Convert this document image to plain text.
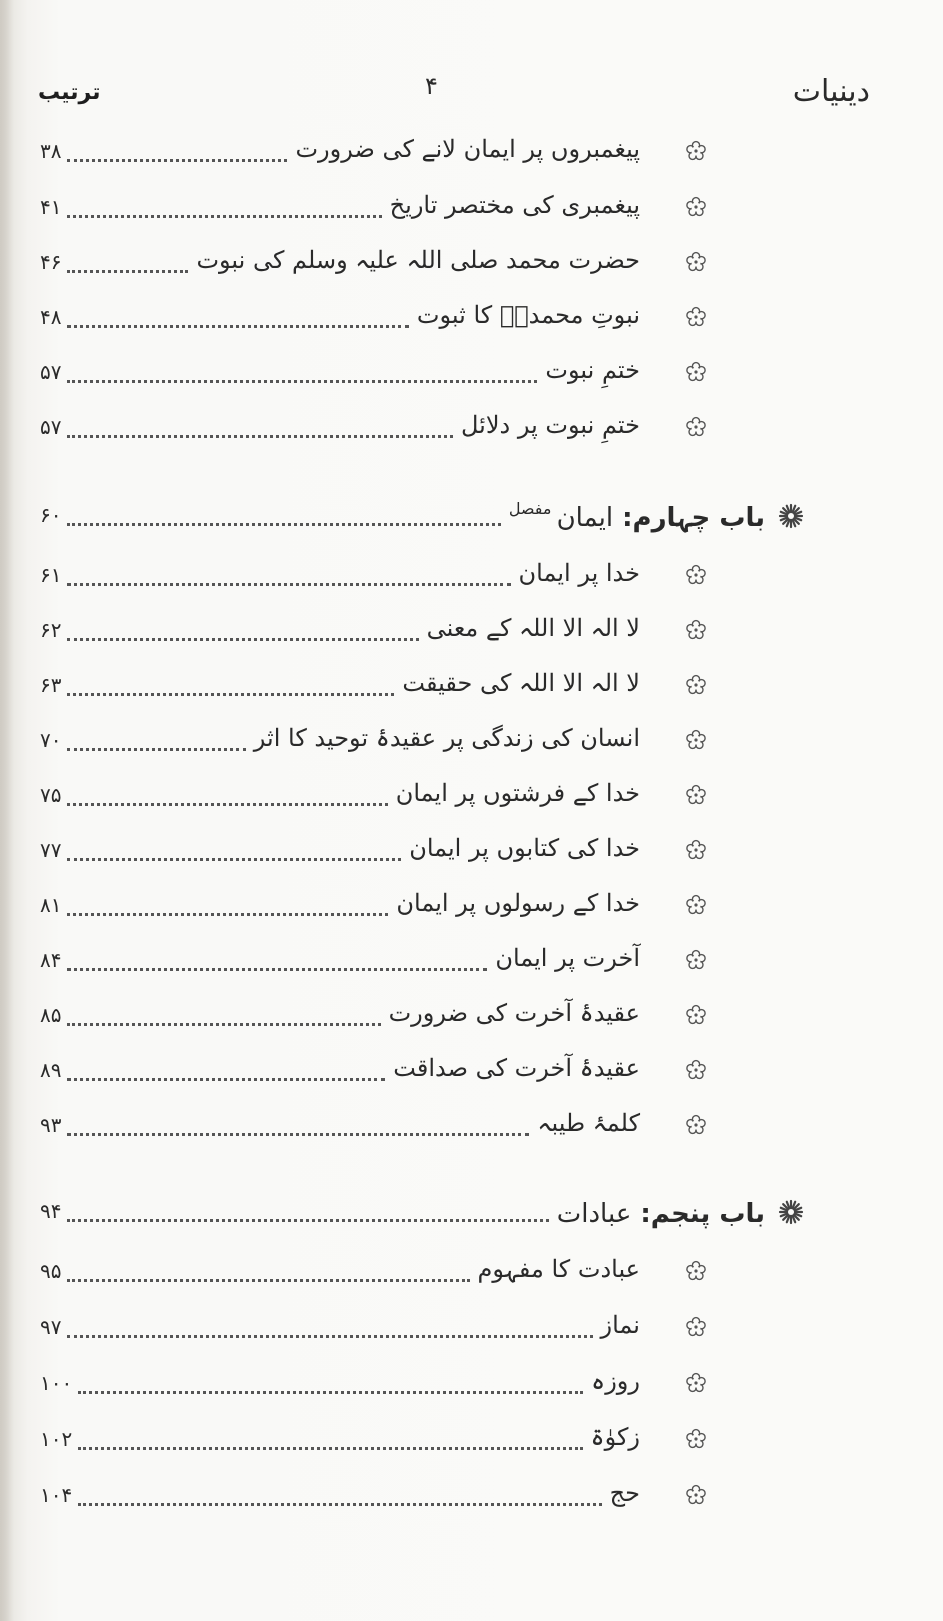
ترتیب	۴	دینیات
۳۸	پیغمبروں پر ایمان لانے کی ضرورت
۴۱	پیغمبری کی مختصر تاریخ
۴۶	حضرت محمد صلی اللہ علیہ وسلم کی نبوت
۴۸	نبوتِ محمدیؐ کا ثبوت
۵۷	ختمِ نبوت
۵۷	ختمِ نبوت پر دلائل
۶۰	باب چہارم: ایمان $^{مفصل}$
۶۱	خدا پر ایمان
۶۲	لا الہ الا اللہ کے معنی
۶۳	لا الہ الا اللہ کی حقیقت
۷۰	انسان کی زندگی پر عقیدۂ توحید کا اثر
۷۵	خدا کے فرشتوں پر ایمان
۷۷	خدا کی کتابوں پر ایمان
۸۱	خدا کے رسولوں پر ایمان
۸۴	آخرت پر ایمان
۸۵	عقیدۂ آخرت کی ضرورت
۸۹	عقیدۂ آخرت کی صداقت
۹۳	کلمۂ طیبہ
۹۴	باب پنجم: عبادات
۹۵	عبادت کا مفہوم
۹۷	نماز
۱۰۰	روزہ
۱۰۲	زکوٰۃ
۱۰۴	حج
